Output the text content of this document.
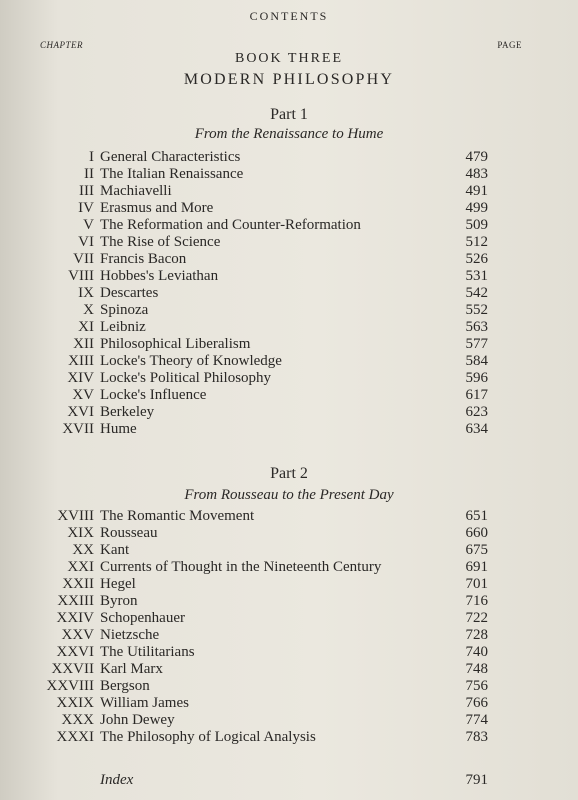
CONTENTS
CHAPTER	PAGE
BOOK THREE
MODERN PHILOSOPHY
Part 1
From the Renaissance to Hume
I General Characteristics	479
II The Italian Renaissance	483
III Machiavelli	491
IV Erasmus and More	499
V The Reformation and Counter-Reformation	509
VI The Rise of Science	512
VII Francis Bacon	526
VIII Hobbes's Leviathan	531
IX Descartes	542
X Spinoza	552
XI Leibniz	563
XII Philosophical Liberalism	577
XIII Locke's Theory of Knowledge	584
XIV Locke's Political Philosophy	596
XV Locke's Influence	617
XVI Berkeley	623
XVII Hume	634
Part 2
From Rousseau to the Present Day
XVIII The Romantic Movement	651
XIX Rousseau	660
XX Kant	675
XXI Currents of Thought in the Nineteenth Century	691
XXII Hegel	701
XXIII Byron	716
XXIV Schopenhauer	722
XXV Nietzsche	728
XXVI The Utilitarians	740
XXVII Karl Marx	748
XXVIII Bergson	756
XXIX William James	766
XXX John Dewey	774
XXXI The Philosophy of Logical Analysis	783
Index	791
